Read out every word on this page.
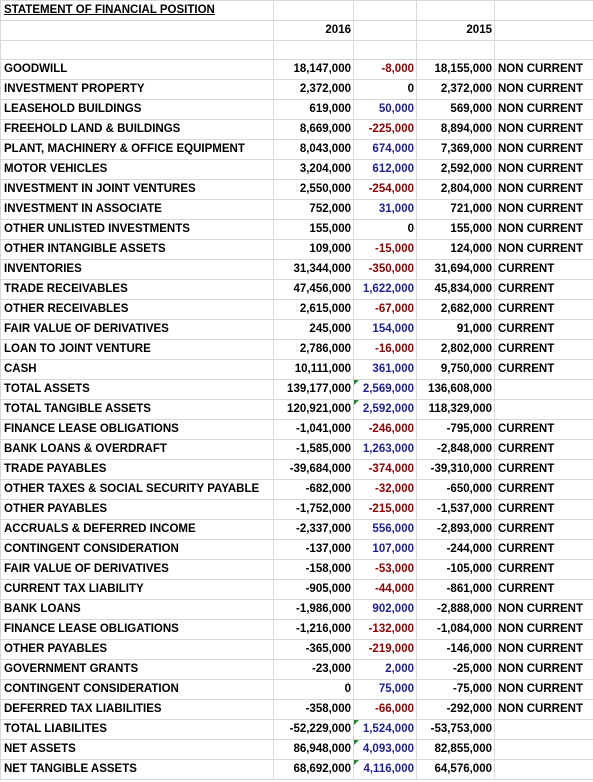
STATEMENT OF FINANCIAL POSITION				
	2016		2015	

GOODWILL	18,147,000	-8,000	18,155,000	NON CURRENT
INVESTMENT PROPERTY	2,372,000	0	2,372,000	NON CURRENT
LEASEHOLD BUILDINGS	619,000	50,000	569,000	NON CURRENT
FREEHOLD LAND & BUILDINGS	8,669,000	-225,000	8,894,000	NON CURRENT
PLANT, MACHINERY & OFFICE EQUIPMENT	8,043,000	674,000	7,369,000	NON CURRENT
MOTOR VEHICLES	3,204,000	612,000	2,592,000	NON CURRENT
INVESTMENT IN JOINT VENTURES	2,550,000	-254,000	2,804,000	NON CURRENT
INVESTMENT IN ASSOCIATE	752,000	31,000	721,000	NON CURRENT
OTHER UNLISTED INVESTMENTS	155,000	0	155,000	NON CURRENT
OTHER INTANGIBLE ASSETS	109,000	-15,000	124,000	NON CURRENT
INVENTORIES	31,344,000	-350,000	31,694,000	CURRENT
TRADE RECEIVABLES	47,456,000	1,622,000	45,834,000	CURRENT
OTHER RECEIVABLES	2,615,000	-67,000	2,682,000	CURRENT
FAIR VALUE OF DERIVATIVES	245,000	154,000	91,000	CURRENT
LOAN TO JOINT VENTURE	2,786,000	-16,000	2,802,000	CURRENT
CASH	10,111,000	361,000	9,750,000	CURRENT
TOTAL ASSETS	139,177,000	2,569,000	136,608,000	
TOTAL TANGIBLE ASSETS	120,921,000	2,592,000	118,329,000	
FINANCE LEASE OBLIGATIONS	-1,041,000	-246,000	-795,000	CURRENT
BANK LOANS & OVERDRAFT	-1,585,000	1,263,000	-2,848,000	CURRENT
TRADE PAYABLES	-39,684,000	-374,000	-39,310,000	CURRENT
OTHER TAXES & SOCIAL SECURITY PAYABLE	-682,000	-32,000	-650,000	CURRENT
OTHER PAYABLES	-1,752,000	-215,000	-1,537,000	CURRENT
ACCRUALS & DEFERRED INCOME	-2,337,000	556,000	-2,893,000	CURRENT
CONTINGENT CONSIDERATION	-137,000	107,000	-244,000	CURRENT
FAIR VALUE OF DERIVATIVES	-158,000	-53,000	-105,000	CURRENT
CURRENT TAX LIABILITY	-905,000	-44,000	-861,000	CURRENT
BANK LOANS	-1,986,000	902,000	-2,888,000	NON CURRENT
FINANCE LEASE OBLIGATIONS	-1,216,000	-132,000	-1,084,000	NON CURRENT
OTHER PAYABLES	-365,000	-219,000	-146,000	NON CURRENT
GOVERNMENT GRANTS	-23,000	2,000	-25,000	NON CURRENT
CONTINGENT CONSIDERATION	0	75,000	-75,000	NON CURRENT
DEFERRED TAX LIABILITIES	-358,000	-66,000	-292,000	NON CURRENT
TOTAL LIABILITES	-52,229,000	1,524,000	-53,753,000	
NET ASSETS	86,948,000	4,093,000	82,855,000	
NET TANGIBLE ASSETS	68,692,000	4,116,000	64,576,000	
